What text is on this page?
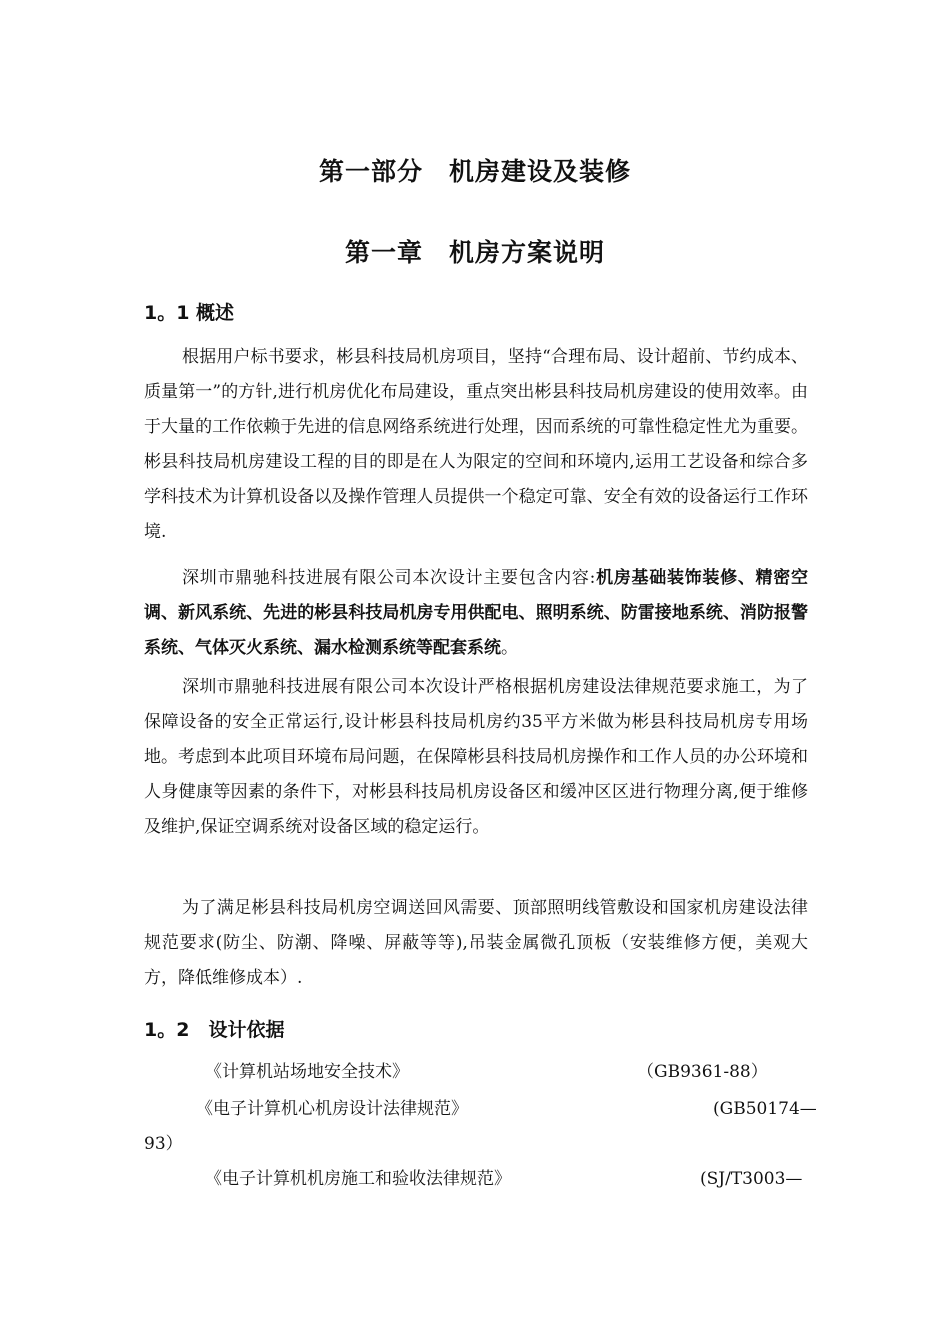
第一部分　机房建设及装修
第一章　机房方案说明
1。1 概述

根据用户标书要求，彬县科技局机房项目，坚持“合理布局、设计超前、节约成本、质量第一”的方针,进行机房优化布局建设，重点突出彬县科技局机房建设的使用效率。由于大量的工作依赖于先进的信息网络系统进行处理，因而系统的可靠性稳定性尤为重要。彬县科技局机房建设工程的目的即是在人为限定的空间和环境内,运用工艺设备和综合多学科技术为计算机设备以及操作管理人员提供一个稳定可靠、安全有效的设备运行工作环境.

深圳市鼎驰科技进展有限公司本次设计主要包含内容:机房基础装饰装修、精密空调、新风系统、先进的彬县科技局机房专用供配电、照明系统、防雷接地系统、消防报警系统、气体灭火系统、漏水检测系统等配套系统。

深圳市鼎驰科技进展有限公司本次设计严格根据机房建设法律规范要求施工，为了保障设备的安全正常运行,设计彬县科技局机房约35平方米做为彬县科技局机房专用场地。考虑到本此项目环境布局问题，在保障彬县科技局机房操作和工作人员的办公环境和人身健康等因素的条件下，对彬县科技局机房设备区和缓冲区区进行物理分离,便于维修及维护,保证空调系统对设备区域的稳定运行。

为了满足彬县科技局机房空调送回风需要、顶部照明线管敷设和国家机房建设法律规范要求(防尘、防潮、降噪、屏蔽等等),吊装金属微孔顶板（安装维修方便，美观大方，降低维修成本）.

1。2　设计依据
《计算机站场地安全技术》	（GB9361-88）
《电子计算机心机房设计法律规范》	(GB50174—
93）
《电子计算机机房施工和验收法律规范》	(SJ/T3003—
